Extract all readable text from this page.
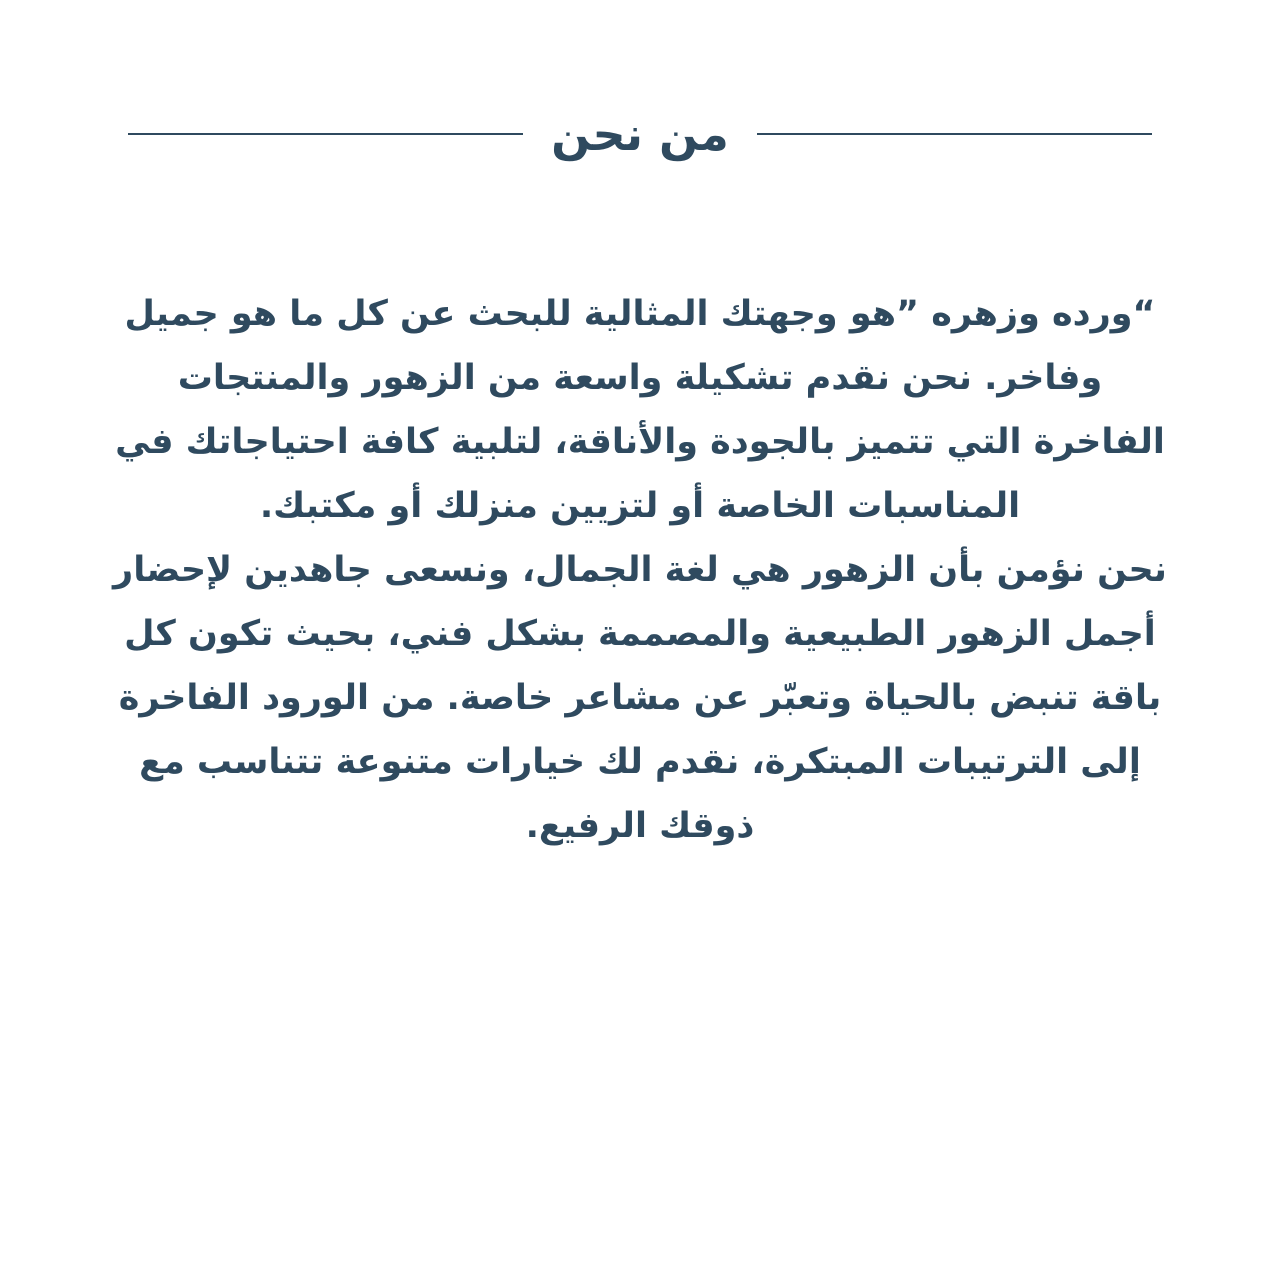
من نحن

“ورده وزهره ”هو وجهتك المثالية للبحث عن كل ما هو جميل وفاخر. نحن نقدم تشكيلة واسعة من الزهور والمنتجات الفاخرة التي تتميز بالجودة والأناقة، لتلبية كافة احتياجاتك في المناسبات الخاصة أو لتزيين منزلك أو مكتبك.

نحن نؤمن بأن الزهور هي لغة الجمال، ونسعى جاهدين لإحضار أجمل الزهور الطبيعية والمصممة بشكل فني، بحيث تكون كل باقة تنبض بالحياة وتعبّر عن مشاعر خاصة. من الورود الفاخرة إلى الترتيبات المبتكرة، نقدم لك خيارات متنوعة تتناسب مع ذوقك الرفيع.
